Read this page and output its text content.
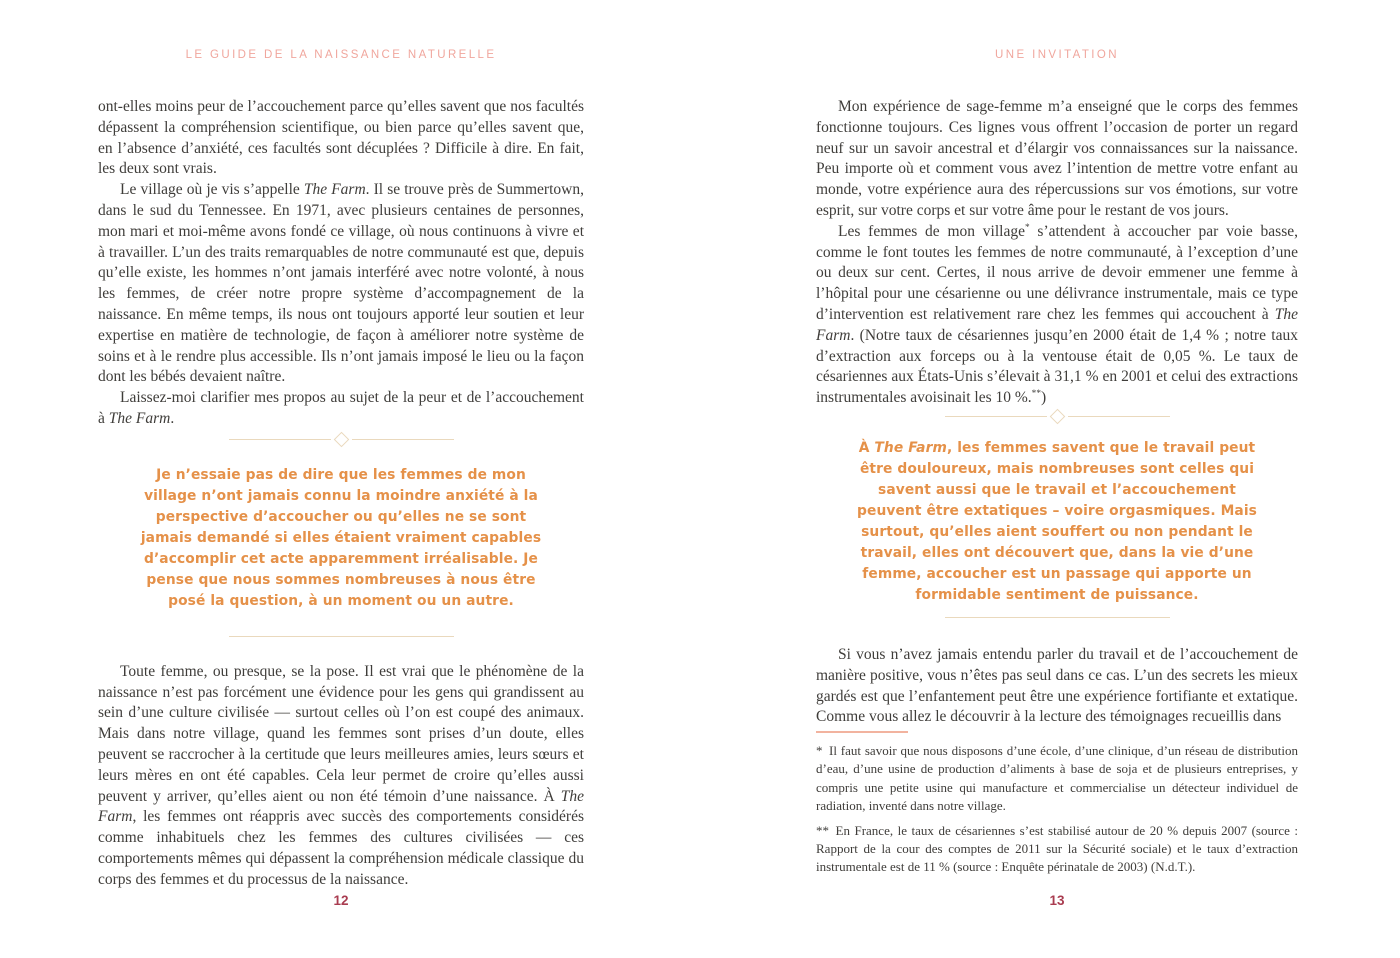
LE GUIDE DE LA NAISSANCE NATURELLE

ont-elles moins peur de l’accouchement parce qu’elles savent que nos facultés dépassent la compréhension scientifique, ou bien parce qu’elles savent que, en l’absence d’anxiété, ces facultés sont décuplées ? Difficile à dire. En fait, les deux sont vrais.

Le village où je vis s’appelle The Farm. Il se trouve près de Summertown, dans le sud du Tennessee. En 1971, avec plusieurs centaines de personnes, mon mari et moi-même avons fondé ce village, où nous continuons à vivre et à travailler. L’un des traits remarquables de notre communauté est que, depuis qu’elle existe, les hommes n’ont jamais interféré avec notre volonté, à nous les femmes, de créer notre propre système d’accompagnement de la naissance. En même temps, ils nous ont toujours apporté leur soutien et leur expertise en matière de technologie, de façon à améliorer notre système de soins et à le rendre plus accessible. Ils n’ont jamais imposé le lieu ou la façon dont les bébés devaient naître.

Laissez-moi clarifier mes propos au sujet de la peur et de l’accouchement à The Farm.

Je n’essaie pas de dire que les femmes de mon village n’ont jamais connu la moindre anxiété à la perspective d’accoucher ou qu’elles ne se sont jamais demandé si elles étaient vraiment capables d’accomplir cet acte apparemment irréalisable. Je pense que nous sommes nombreuses à nous être posé la question, à un moment ou un autre.

Toute femme, ou presque, se la pose. Il est vrai que le phénomène de la naissance n’est pas forcément une évidence pour les gens qui grandissent au sein d’une culture civilisée — surtout celles où l’on est coupé des animaux. Mais dans notre village, quand les femmes sont prises d’un doute, elles peuvent se raccrocher à la certitude que leurs meilleures amies, leurs sœurs et leurs mères en ont été capables. Cela leur permet de croire qu’elles aussi peuvent y arriver, qu’elles aient ou non été témoin d’une naissance. À The Farm, les femmes ont réappris avec succès des comportements considérés comme inhabituels chez les femmes des cultures civilisées — ces comportements mêmes qui dépassent la compréhension médicale classique du corps des femmes et du processus de la naissance.

12
UNE INVITATION

Mon expérience de sage-femme m’a enseigné que le corps des femmes fonctionne toujours. Ces lignes vous offrent l’occasion de porter un regard neuf sur un savoir ancestral et d’élargir vos connaissances sur la naissance. Peu importe où et comment vous avez l’intention de mettre votre enfant au monde, votre expérience aura des répercussions sur vos émotions, sur votre esprit, sur votre corps et sur votre âme pour le restant de vos jours.

Les femmes de mon village* s’attendent à accoucher par voie basse, comme le font toutes les femmes de notre communauté, à l’exception d’une ou deux sur cent. Certes, il nous arrive de devoir emmener une femme à l’hôpital pour une césarienne ou une délivrance instrumentale, mais ce type d’intervention est relativement rare chez les femmes qui accouchent à The Farm. (Notre taux de césariennes jusqu’en 2000 était de 1,4 % ; notre taux d’extraction aux forceps ou à la ventouse était de 0,05 %. Le taux de césariennes aux États-Unis s’élevait à 31,1 % en 2001 et celui des extractions instrumentales avoisinait les 10 %.**)

À The Farm, les femmes savent que le travail peut être douloureux, mais nombreuses sont celles qui savent aussi que le travail et l’accouchement peuvent être extatiques – voire orgasmiques. Mais surtout, qu’elles aient souffert ou non pendant le travail, elles ont découvert que, dans la vie d’une femme, accoucher est un passage qui apporte un formidable sentiment de puissance.

Si vous n’avez jamais entendu parler du travail et de l’accouchement de manière positive, vous n’êtes pas seul dans ce cas. L’un des secrets les mieux gardés est que l’enfantement peut être une expérience fortifiante et extatique. Comme vous allez le découvrir à la lecture des témoignages recueillis dans

* Il faut savoir que nous disposons d’une école, d’une clinique, d’un réseau de distribution d’eau, d’une usine de production d’aliments à base de soja et de plusieurs entreprises, y compris une petite usine qui manufacture et commercialise un détecteur individuel de radiation, inventé dans notre village.

** En France, le taux de césariennes s’est stabilisé autour de 20 % depuis 2007 (source : Rapport de la cour des comptes de 2011 sur la Sécurité sociale) et le taux d’extraction instrumentale est de 11 % (source : Enquête périnatale de 2003) (N.d.T.).

13
